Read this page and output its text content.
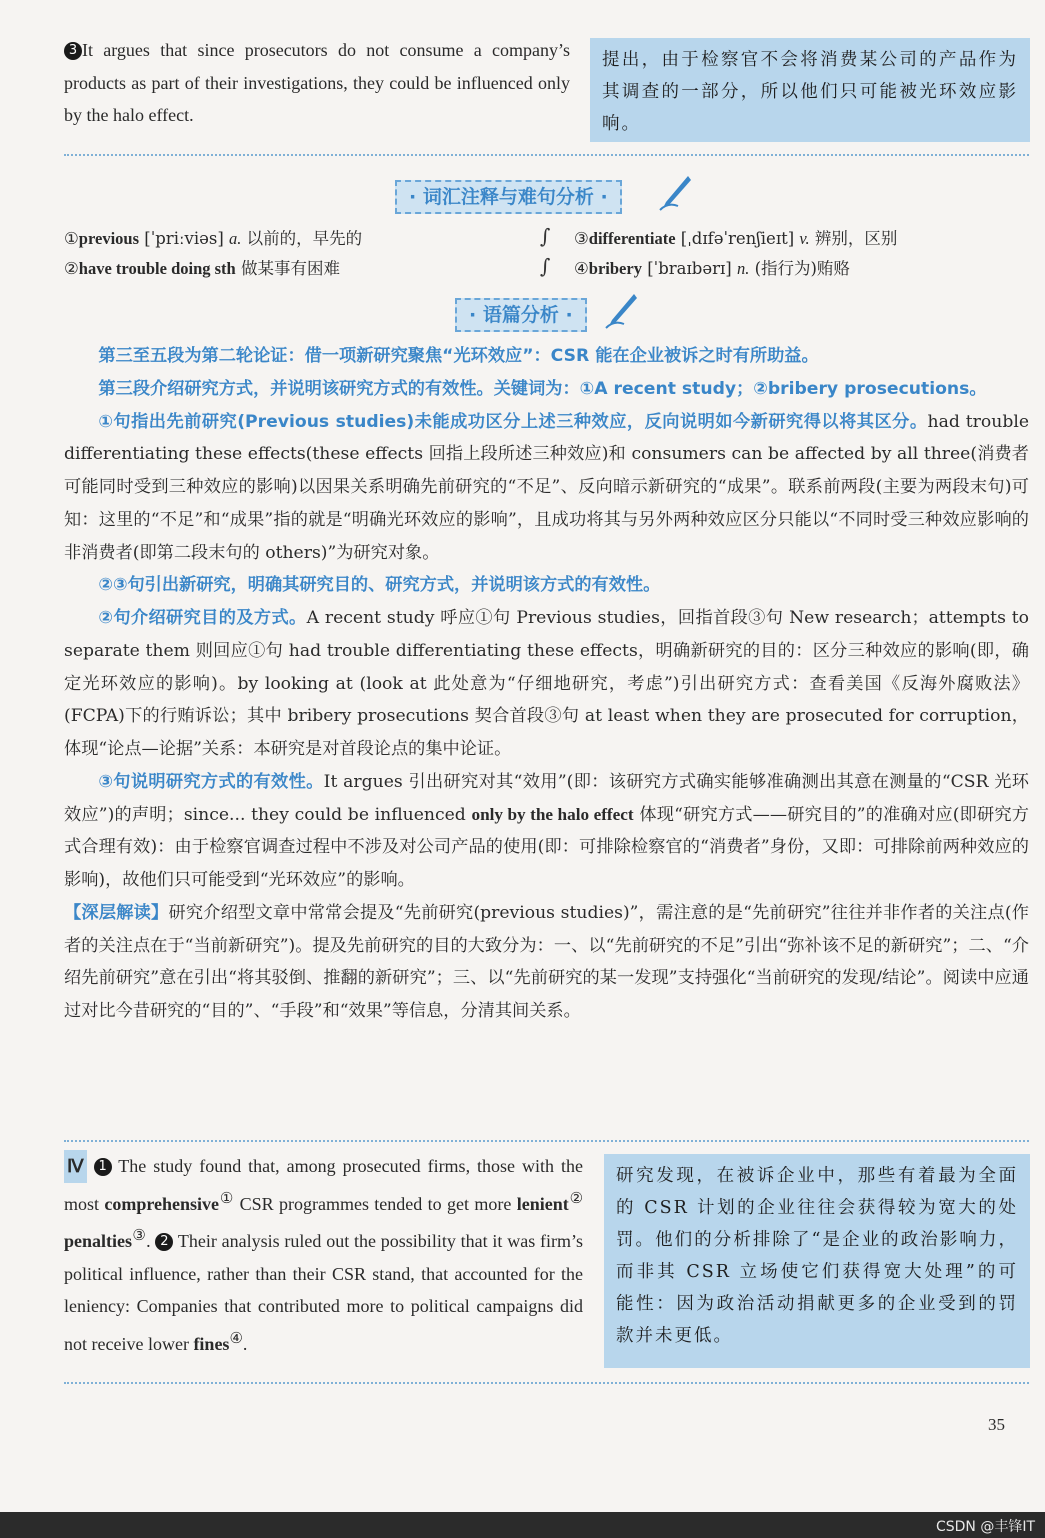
3 It argues that since prosecutors do not consume a company’s products as part of their investigations, they could be influenced only by the halo effect.
提出，由于检察官不会将消费某公司的产品作为其调查的一部分，所以他们只可能被光环效应影响。
· 词汇注释与难句分析 ·
①previous [ˈpriːviəs] a. 以前的，早先的
②have trouble doing sth 做某事有困难
∫
∫
③differentiate [ˌdɪfəˈrenʃieɪt] v. 辨别，区别
④bribery [ˈbraɪbərɪ] n. (指行为)贿赂
· 语篇分析 ·

第三至五段为第二轮论证：借一项新研究聚焦“光环效应”：CSR 能在企业被诉之时有所助益。

第三段介绍研究方式，并说明该研究方式的有效性。关键词为：①A recent study；②bribery prosecutions。

①句指出先前研究(Previous studies)未能成功区分上述三种效应，反向说明如今新研究得以将其区分。had trouble differentiating these effects(these effects 回指上段所述三种效应)和 consumers can be affected by all three(消费者可能同时受到三种效应的影响)以因果关系明确先前研究的“不足”、反向暗示新研究的“成果”。联系前两段(主要为两段末句)可知：这里的“不足”和“成果”指的就是“明确光环效应的影响”，且成功将其与另外两种效应区分只能以“不同时受三种效应影响的非消费者(即第二段末句的 others)”为研究对象。

②③句引出新研究，明确其研究目的、研究方式，并说明该方式的有效性。

②句介绍研究目的及方式。A recent study 呼应①句 Previous studies，回指首段③句 New research；attempts to separate them 则回应①句 had trouble differentiating these effects，明确新研究的目的：区分三种效应的影响(即，确定光环效应的影响)。by looking at (look at 此处意为“仔细地研究，考虑”)引出研究方式：查看美国《反海外腐败法》(FCPA)下的行贿诉讼；其中 bribery prosecutions 契合首段③句 at least when they are prosecuted for corruption，体现“论点—论据”关系：本研究是对首段论点的集中论证。

③句说明研究方式的有效性。It argues 引出研究对其“效用”(即：该研究方式确实能够准确测出其意在测量的“CSR 光环效应”)的声明；since... they could be influenced only by the halo effect 体现“研究方式——研究目的”的准确对应(即研究方式合理有效)：由于检察官调查过程中不涉及对公司产品的使用(即：可排除检察官的“消费者”身份，又即：可排除前两种效应的影响)，故他们只可能受到“光环效应”的影响。

【深层解读】研究介绍型文章中常常会提及“先前研究(previous studies)”，需注意的是“先前研究”往往并非作者的关注点(作者的关注点在于“当前新研究”)。提及先前研究的目的大致分为：一、以“先前研究的不足”引出“弥补该不足的新研究”；二、“介绍先前研究”意在引出“将其驳倒、推翻的新研究”；三、以“先前研究的某一发现”支持强化“当前研究的发现/结论”。阅读中应通过对比今昔研究的“目的”、“手段”和“效果”等信息，分清其间关系。

Ⅳ 1 The study found that, among prosecuted firms, those with the most comprehensive① CSR programmes tended to get more lenient② penalties③. 2 Their analysis ruled out the possibility that it was firm’s political influence, rather than their CSR stand, that accounted for the leniency: Companies that contributed more to political campaigns did not receive lower fines④.
研究发现，在被诉企业中，那些有着最为全面的 CSR 计划的企业往往会获得较为宽大的处罚。他们的分析排除了“是企业的政治影响力，而非其 CSR 立场使它们获得宽大处理”的可能性：因为政治活动捐献更多的企业受到的罚款并未更低。
35
CSDN @丰锋IT
